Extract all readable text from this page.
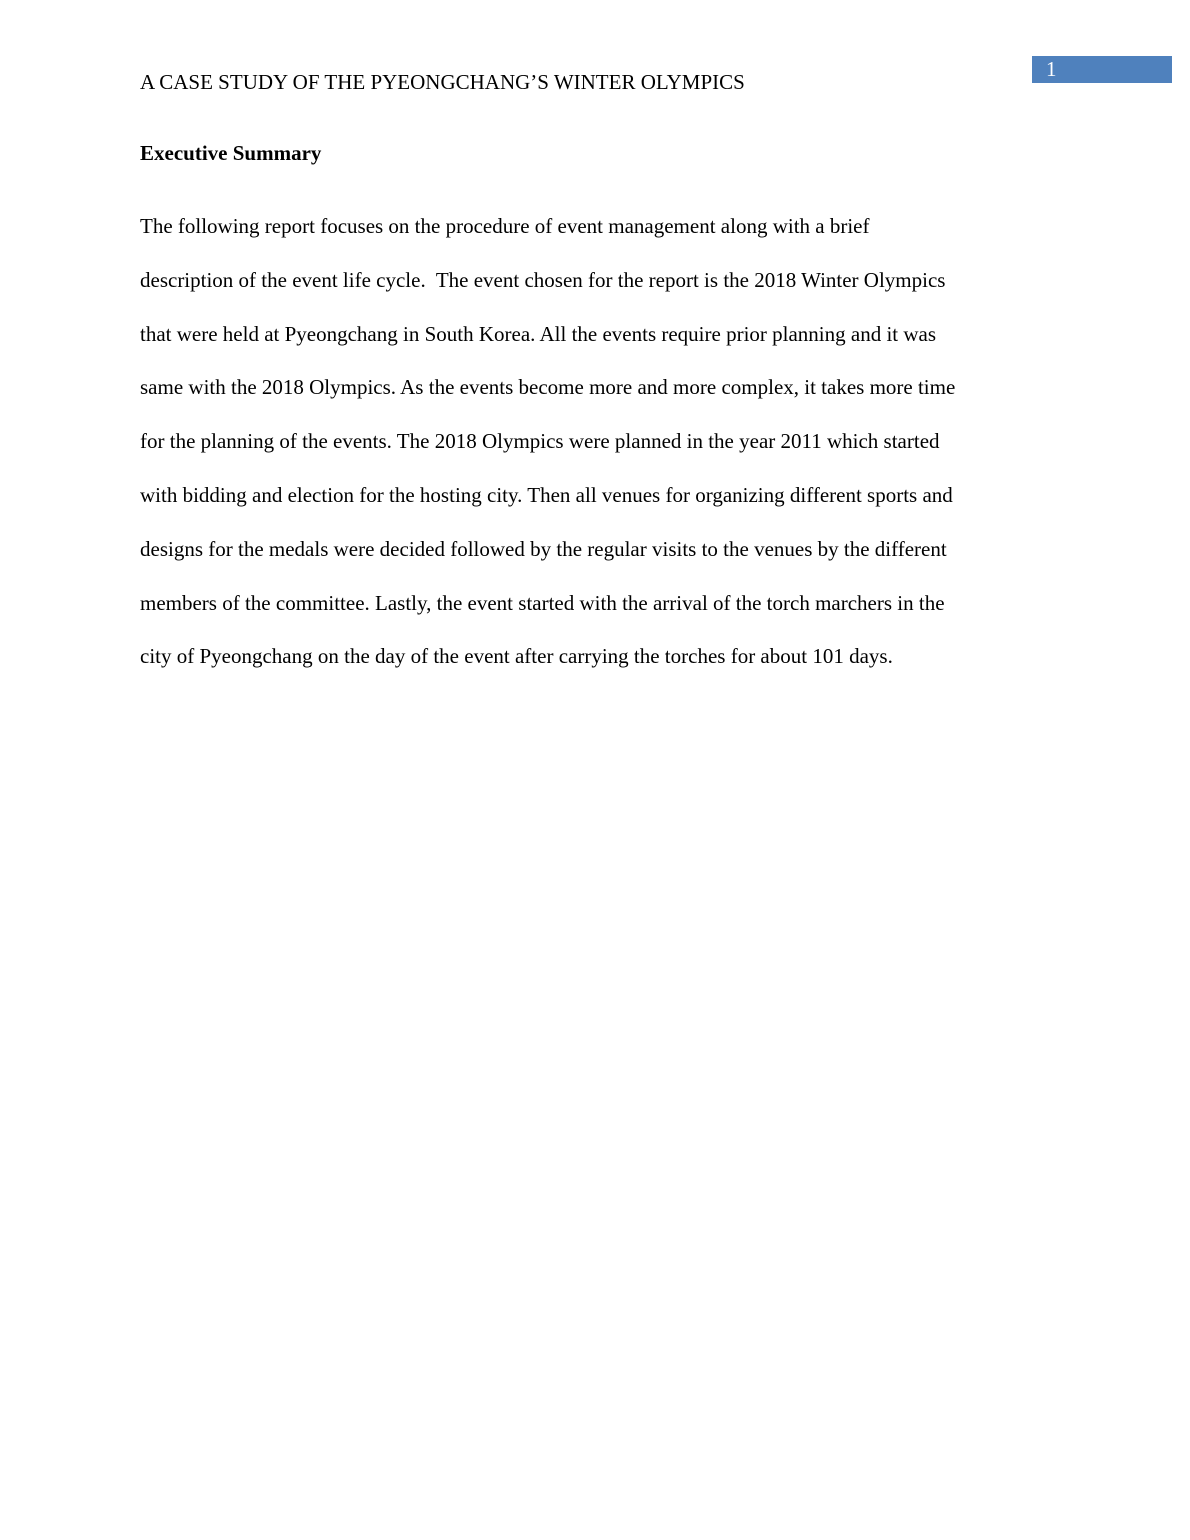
1
A CASE STUDY OF THE PYEONGCHANG’S WINTER OLYMPICS
Executive Summary
The following report focuses on the procedure of event management along with a brief
description of the event life cycle.  The event chosen for the report is the 2018 Winter Olympics
that were held at Pyeongchang in South Korea. All the events require prior planning and it was
same with the 2018 Olympics. As the events become more and more complex, it takes more time
for the planning of the events. The 2018 Olympics were planned in the year 2011 which started
with bidding and election for the hosting city. Then all venues for organizing different sports and
designs for the medals were decided followed by the regular visits to the venues by the different
members of the committee. Lastly, the event started with the arrival of the torch marchers in the
city of Pyeongchang on the day of the event after carrying the torches for about 101 days.
